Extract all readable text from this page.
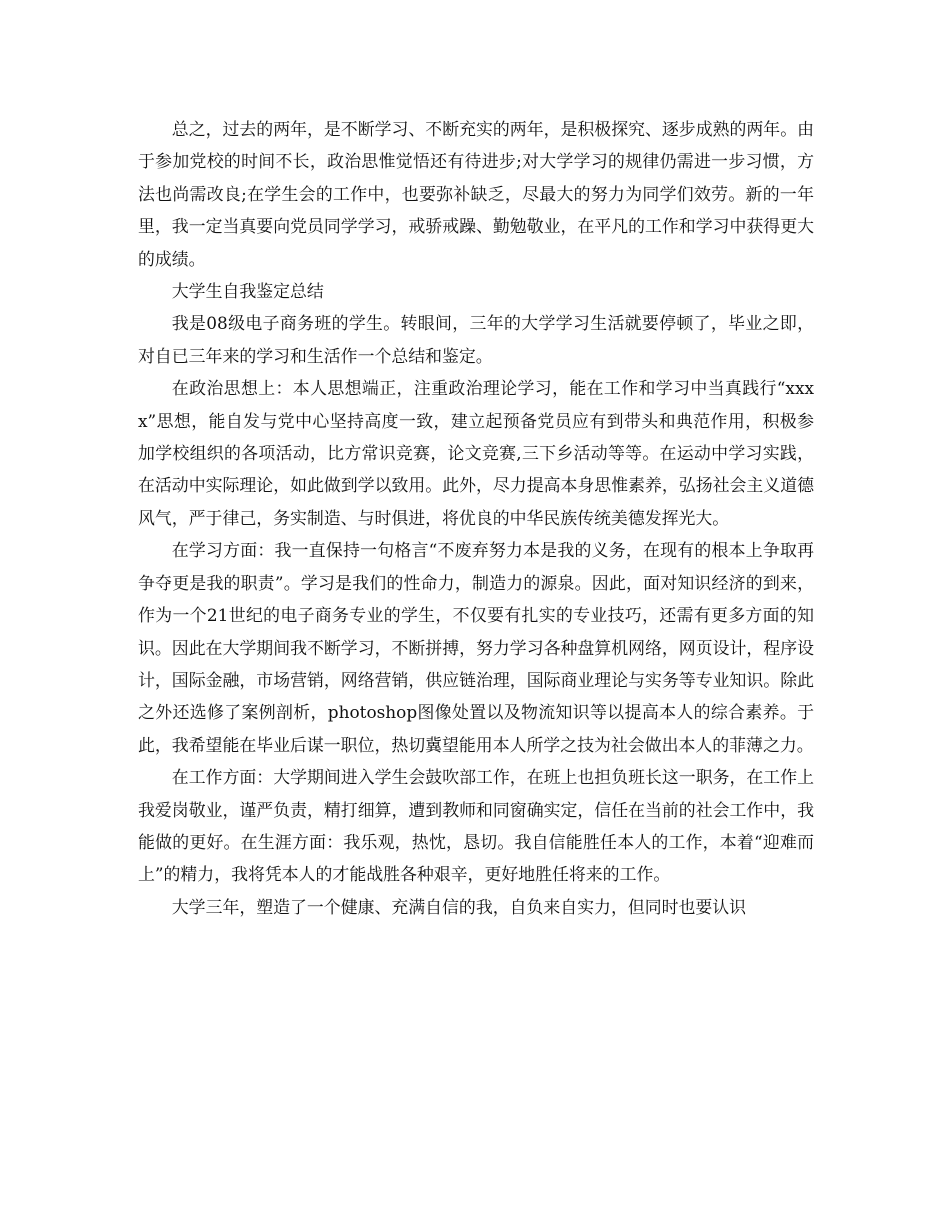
总之，过去的两年，是不断学习、不断充实的两年，是积极探究、逐步成熟的两年。由于参加党校的时间不长，政治思惟觉悟还有待进步;对大学学习的规律仍需进一步习惯，方法也尚需改良;在学生会的工作中，也要弥补缺乏，尽最大的努力为同学们效劳。新的一年里，我一定当真要向党员同学学习，戒骄戒躁、勤勉敬业，在平凡的工作和学习中获得更大的成绩。

大学生自我鉴定总结

我是08级电子商务班的学生。转眼间，三年的大学学习生活就要停顿了，毕业之即，对自已三年来的学习和生活作一个总结和鉴定。

在政治思想上：本人思想端正，注重政治理论学习，能在工作和学习中当真践行“xxxx”思想，能自发与党中心坚持高度一致，建立起预备党员应有到带头和典范作用，积极参加学校组织的各项活动，比方常识竞赛，论文竞赛,三下乡活动等等。在运动中学习实践，在活动中实际理论，如此做到学以致用。此外，尽力提高本身思惟素养，弘扬社会主义道德风气，严于律己，务实制造、与时俱进，将优良的中华民族传统美德发挥光大。

在学习方面：我一直保持一句格言“不废弃努力本是我的义务，在现有的根本上争取再争夺更是我的职责”。学习是我们的性命力，制造力的源泉。因此，面对知识经济的到来，作为一个21世纪的电子商务专业的学生，不仅要有扎实的专业技巧，还需有更多方面的知识。因此在大学期间我不断学习，不断拼搏，努力学习各种盘算机网络，网页设计，程序设计，国际金融，市场营销，网络营销，供应链治理，国际商业理论与实务等专业知识。除此之外还选修了案例剖析，photoshop图像处置以及物流知识等以提高本人的综合素养。于此，我希望能在毕业后谋一职位，热切冀望能用本人所学之技为社会做出本人的菲薄之力。

在工作方面：大学期间进入学生会鼓吹部工作，在班上也担负班长这一职务，在工作上我爱岗敬业，谨严负责，精打细算，遭到教师和同窗确实定，信任在当前的社会工作中，我能做的更好。在生涯方面：我乐观，热忱，恳切。我自信能胜任本人的工作，本着“迎难而上”的精力，我将凭本人的才能战胜各种艰辛，更好地胜任将来的工作。

大学三年，塑造了一个健康、充满自信的我，自负来自实力，但同时也要认识
